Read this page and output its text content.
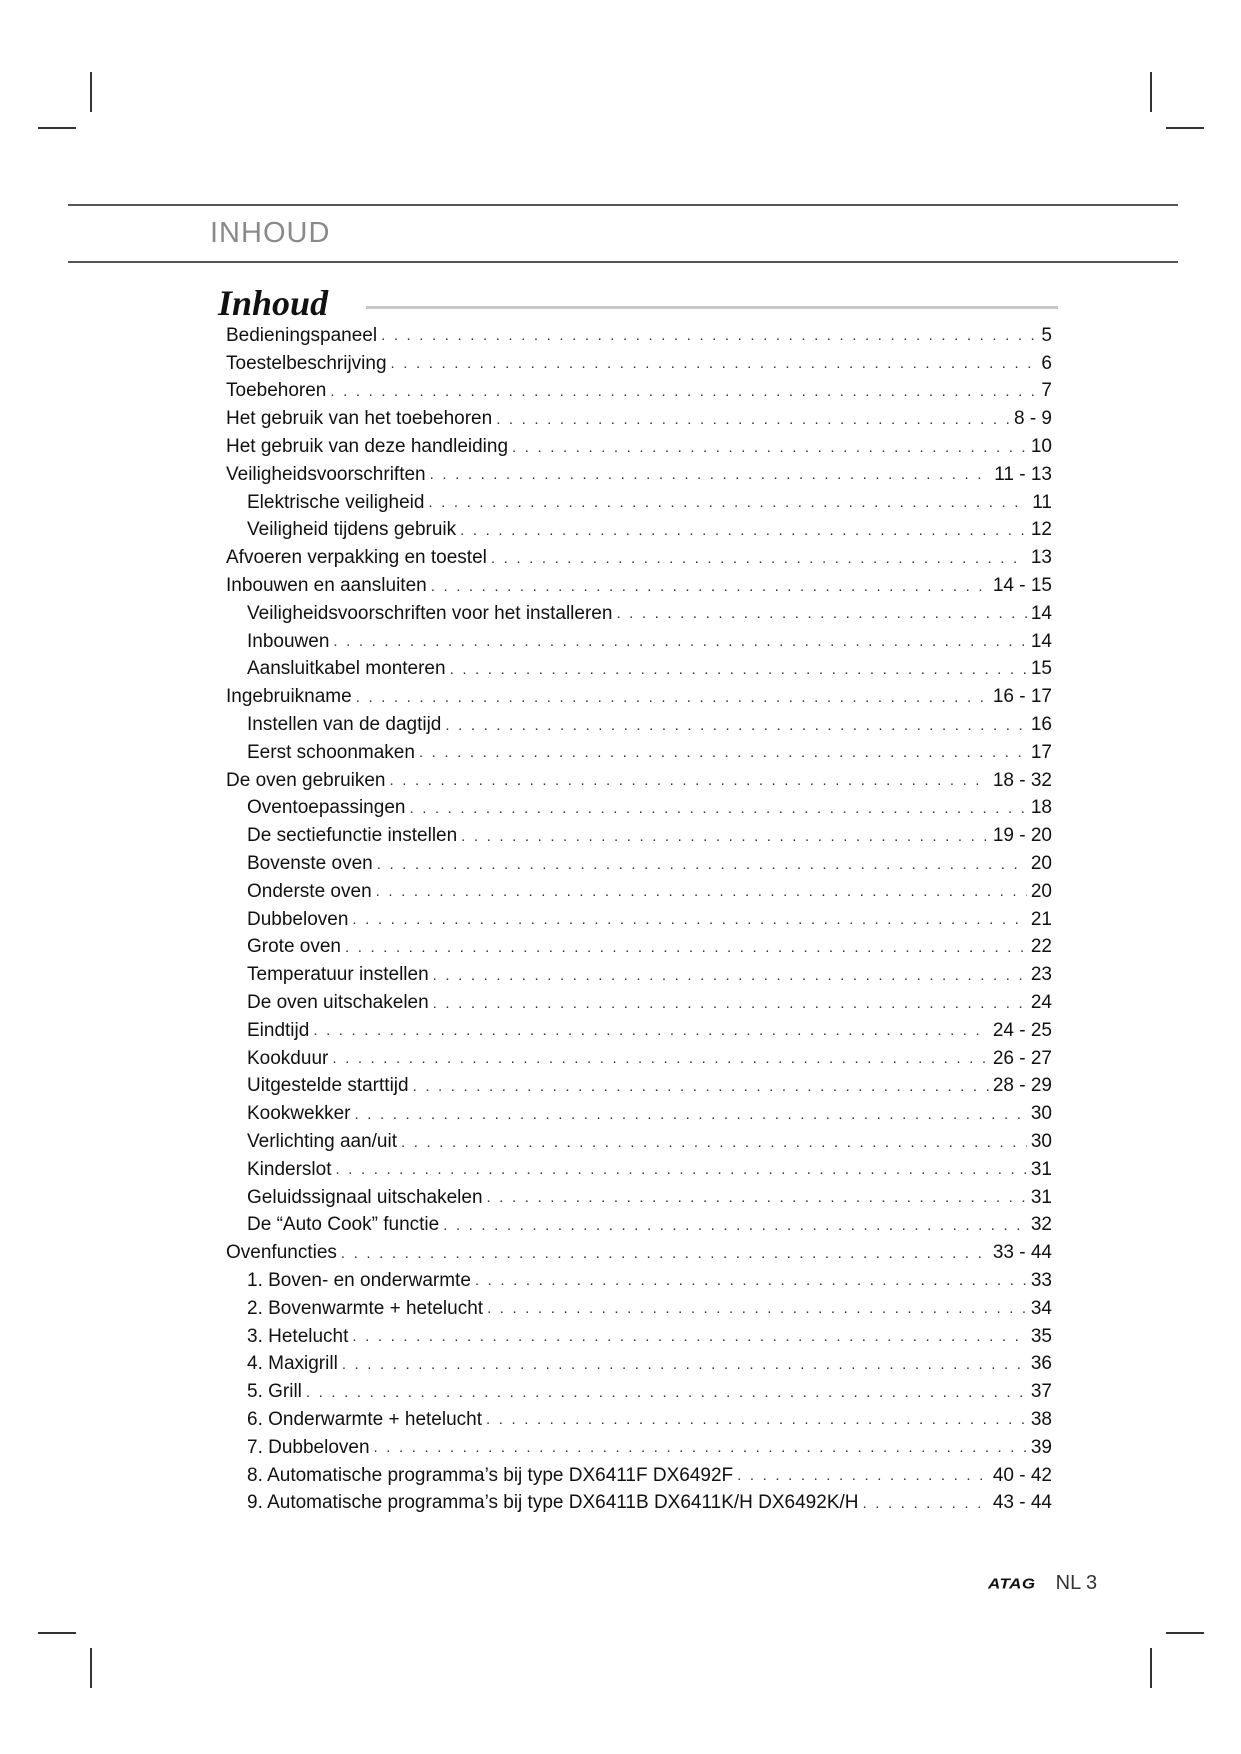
INHOUD
Inhoud
Bedieningspaneel . . .	5
Toestelbeschrijving . . .	6
Toebehoren . . .	7
Het gebruik van het toebehoren . . .	8 - 9
Het gebruik van deze handleiding . . .	10
Veiligheidsvoorschriften . . .	11 - 13
Elektrische veiligheid . . .	11
Veiligheid tijdens gebruik . . .	12
Afvoeren verpakking en toestel . . .	13
Inbouwen en aansluiten . . .	14 - 15
Veiligheidsvoorschriften voor het installeren . . .	14
Inbouwen . . .	14
Aansluitkabel monteren . . .	15
Ingebruikname . . .	16 - 17
Instellen van de dagtijd . . .	16
Eerst schoonmaken . . .	17
De oven gebruiken . . .	18 - 32
Oventoepassingen . . .	18
De sectiefunctie instellen . . .	19 - 20
Bovenste oven . . .	20
Onderste oven . . .	20
Dubbeloven . . .	21
Grote oven . . .	22
Temperatuur instellen . . .	23
De oven uitschakelen . . .	24
Eindtijd . . .	24 - 25
Kookduur . . .	26 - 27
Uitgestelde starttijd . . .	28 - 29
Kookwekker . . .	30
Verlichting aan/uit . . .	30
Kinderslot . . .	31
Geluidssignaal uitschakelen . . .	31
De “Auto Cook” functie . . .	32
Ovenfuncties . . .	33 - 44
1. Boven- en onderwarmte . . .	33
2. Bovenwarmte + hetelucht . . .	34
3. Hetelucht . . .	35
4. Maxigrill . . .	36
5. Grill . . .	37
6. Onderwarmte + hetelucht . . .	38
7. Dubbeloven . . .	39
8. Automatische programma’s bij type DX6411F DX6492F . . .	40 - 42
9. Automatische programma’s bij type DX6411B DX6411K/H DX6492K/H . . .	43 - 44
ATAG NL 3
